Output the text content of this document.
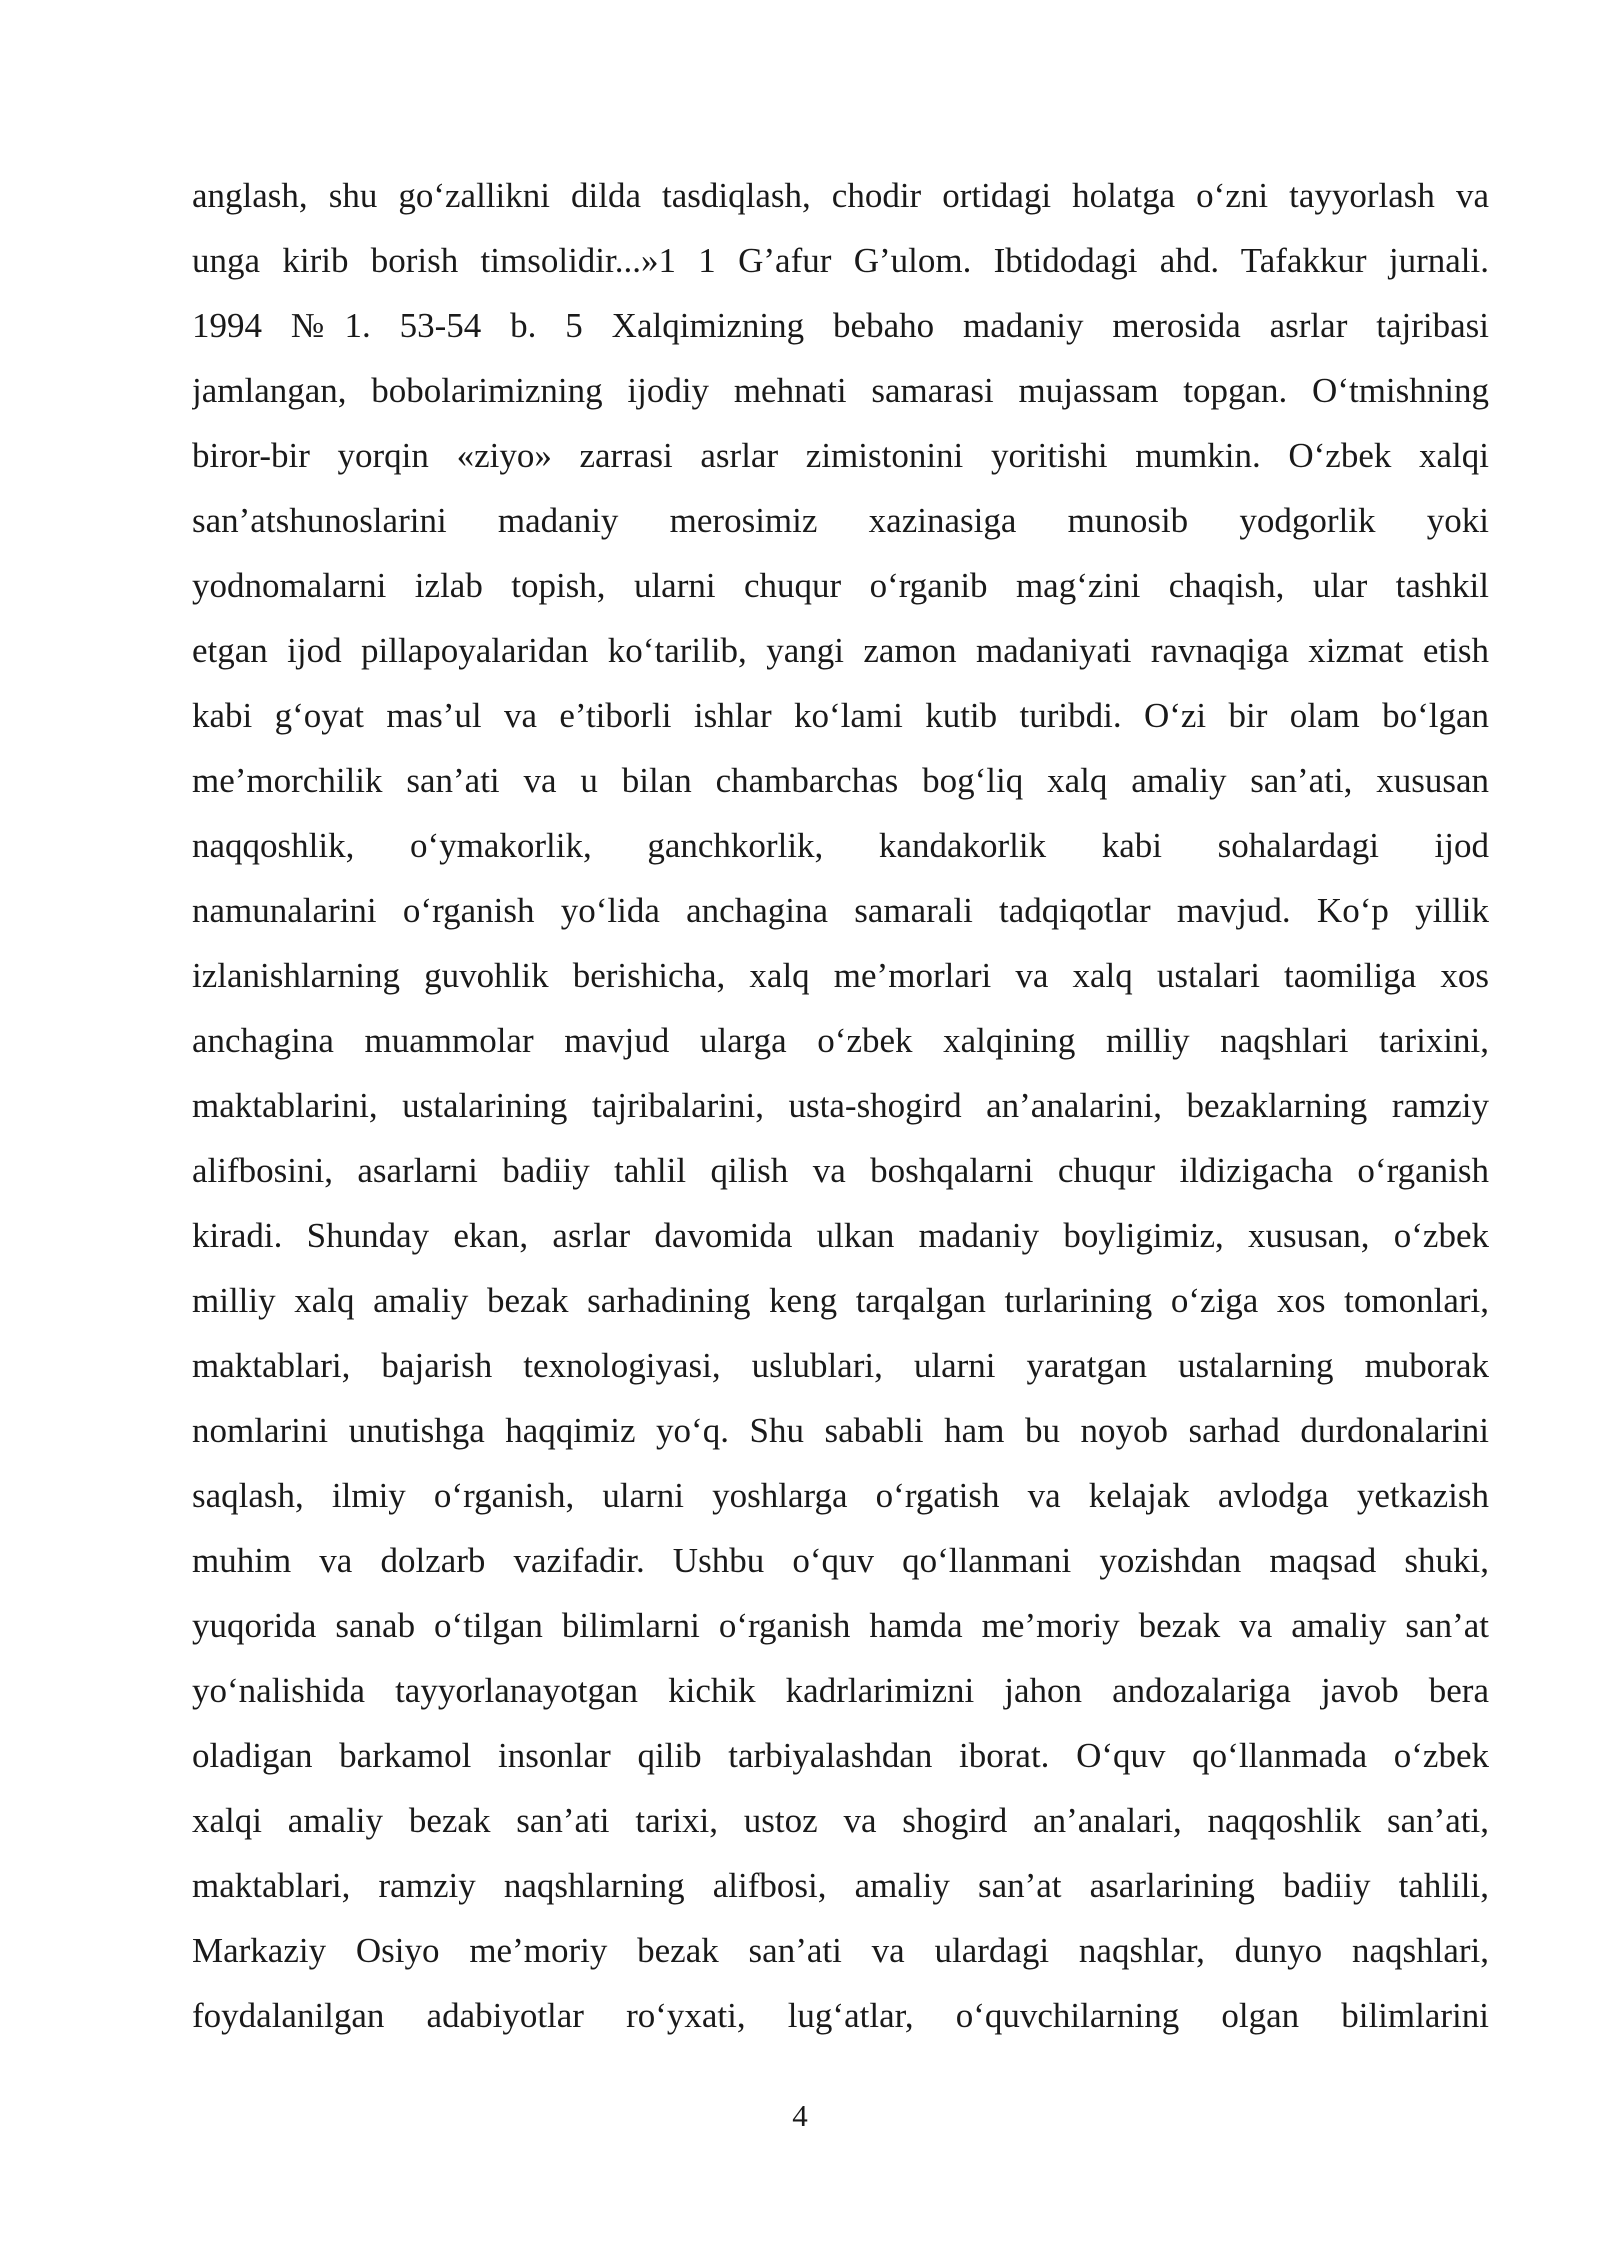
anglash, shu go‘zallikni dilda tasdiqlash, chodir ortidagi holatga o‘zni tayyorlash va
unga kirib borish timsolidir...»1 1 G’afur G’ulom. Ibtidodagi ahd. Tafakkur jurnali.
1994 №1. 53-54 b. 5 Xalqimizning bebaho madaniy merosida asrlar tajribasi
jamlangan, bobolarimizning ijodiy mehnati samarasi mujassam topgan. O‘tmishning
biror-bir yorqin «ziyo» zarrasi asrlar zimistonini yoritishi mumkin. O‘zbek xalqi
san’atshunoslarini madaniy merosimiz xazinasiga munosib yodgorlik yoki
yodnomalarni izlab topish, ularni chuqur o‘rganib mag‘zini chaqish, ular tashkil
etgan ijod pillapoyalaridan ko‘tarilib, yangi zamon madaniyati ravnaqiga xizmat etish
kabi g‘oyat mas’ul va e’tiborli ishlar ko‘lami kutib turibdi. O‘zi bir olam bo‘lgan
me’morchilik san’ati va u bilan chambarchas bog‘liq xalq amaliy san’ati, xususan
naqqoshlik, o‘ymakorlik, ganchkorlik, kandakorlik kabi sohalardagi ijod
namunalarini o‘rganish yo‘lida anchagina samarali tadqiqotlar mavjud. Ko‘p yillik
izlanishlarning guvohlik berishicha, xalq me’morlari va xalq ustalari taomiliga xos
anchagina muammolar mavjud ularga o‘zbek xalqining milliy naqshlari tarixini,
maktablarini, ustalarining tajribalarini, usta-shogird an’analarini, bezaklarning ramziy
alifbosini, asarlarni badiiy tahlil qilish va boshqalarni chuqur ildizigacha o‘rganish
kiradi. Shunday ekan, asrlar davomida ulkan madaniy boyligimiz, xususan, o‘zbek
milliy xalq amaliy bezak sarhadining keng tarqalgan turlarining o‘ziga xos tomonlari,
maktablari, bajarish texnologiyasi, uslublari, ularni yaratgan ustalarning muborak
nomlarini unutishga haqqimiz yo‘q. Shu sababli ham bu noyob sarhad durdonalarini
saqlash, ilmiy o‘rganish, ularni yoshlarga o‘rgatish va kelajak avlodga yetkazish
muhim va dolzarb vazifadir. Ushbu o‘quv qo‘llanmani yozishdan maqsad shuki,
yuqorida sanab o‘tilgan bilimlarni o‘rganish hamda me’moriy bezak va amaliy san’at
yo‘nalishida tayyorlanayotgan kichik kadrlarimizni jahon andozalariga javob bera
oladigan barkamol insonlar qilib tarbiyalashdan iborat. O‘quv qo‘llanmada o‘zbek
xalqi amaliy bezak san’ati tarixi, ustoz va shogird an’analari, naqqoshlik san’ati,
maktablari, ramziy naqshlarning alifbosi, amaliy san’at asarlarining badiiy tahlili,
Markaziy Osiyo me’moriy bezak san’ati va ulardagi naqshlar, dunyo naqshlari,
foydalanilgan adabiyotlar ro‘yxati, lug‘atlar, o‘quvchilarning olgan bilimlarini
4
